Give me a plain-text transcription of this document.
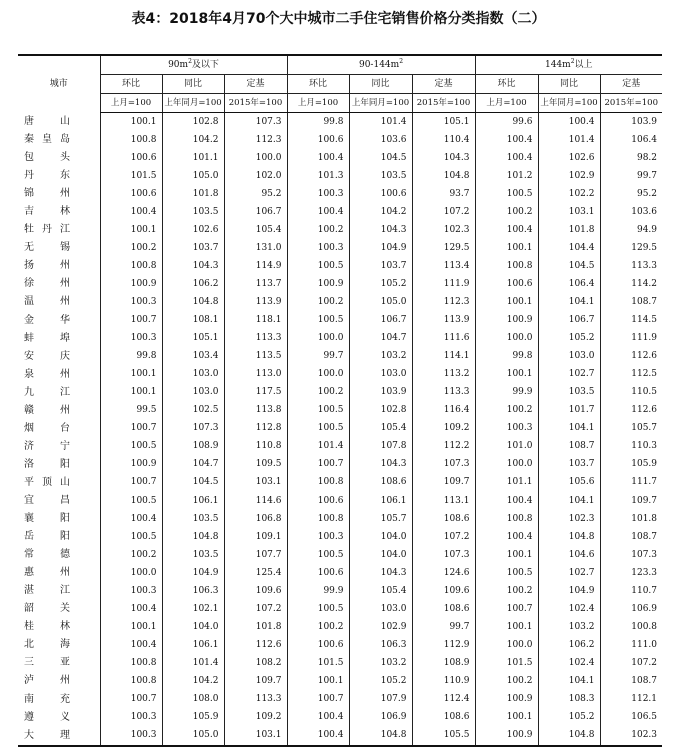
表4：2018年4月70个大中城市二手住宅销售价格分类指数（二）
城市	$90m^2$及以下			$90-144m^2$			$144m^2$以上		
	环比	同比	定基	环比	同比	定基	环比	同比	定基
	上月=100	上年同月=100	2015年=100	上月=100	上年同月=100	2015年=100	上月=100	上年同月=100	2015年=100

唐 山	100.1	102.8	107.3	99.8	101.4	105.1	99.6	100.4	103.9

秦 皇 岛	100.8	104.2	112.3	100.6	103.6	110.4	100.4	101.4	106.4

包 头	100.6	101.1	100.0	100.4	104.5	104.3	100.4	102.6	98.2

丹 东	101.5	105.0	102.0	101.3	103.5	104.8	101.2	102.9	99.7

锦 州	100.6	101.8	95.2	100.3	100.6	93.7	100.5	102.2	95.2

吉 林	100.4	103.5	106.7	100.4	104.2	107.2	100.2	103.1	103.6

牡 丹 江	100.1	102.6	105.4	100.2	104.3	102.3	100.4	101.8	94.9

无 锡	100.2	103.7	131.0	100.3	104.9	129.5	100.1	104.4	129.5

扬 州	100.8	104.3	114.9	100.5	103.7	113.4	100.8	104.5	113.3

徐 州	100.9	106.2	113.7	100.9	105.2	111.9	100.6	106.4	114.2

温 州	100.3	104.8	113.9	100.2	105.0	112.3	100.1	104.1	108.7

金 华	100.7	108.1	118.1	100.5	106.7	113.9	100.9	106.7	114.5

蚌 埠	100.3	105.1	113.3	100.0	104.7	111.6	100.0	105.2	111.9

安 庆	99.8	103.4	113.5	99.7	103.2	114.1	99.8	103.0	112.6

泉 州	100.1	103.0	113.0	100.0	103.0	113.2	100.1	102.7	112.5

九 江	100.1	103.0	117.5	100.2	103.9	113.3	99.9	103.5	110.5

赣 州	99.5	102.5	113.8	100.5	102.8	116.4	100.2	101.7	112.6

烟 台	100.7	107.3	112.8	100.5	105.4	109.2	100.3	104.1	105.7

济 宁	100.5	108.9	110.8	101.4	107.8	112.2	101.0	108.7	110.3

洛 阳	100.9	104.7	109.5	100.7	104.3	107.3	100.0	103.7	105.9

平 顶 山	100.7	104.5	103.1	100.8	108.6	109.7	101.1	105.6	111.7

宜 昌	100.5	106.1	114.6	100.6	106.1	113.1	100.4	104.1	109.7

襄 阳	100.4	103.5	106.8	100.8	105.7	108.6	100.8	102.3	101.8

岳 阳	100.5	104.8	109.1	100.3	104.0	107.2	100.4	104.8	108.7

常 德	100.2	103.5	107.7	100.5	104.0	107.3	100.1	104.6	107.3

惠 州	100.0	104.9	125.4	100.6	104.3	124.6	100.5	102.7	123.3

湛 江	100.3	106.3	109.6	99.9	105.4	109.6	100.2	104.9	110.7

韶 关	100.4	102.1	107.2	100.5	103.0	108.6	100.7	102.4	106.9

桂 林	100.1	104.0	101.8	100.2	102.9	99.7	100.1	103.2	100.8

北 海	100.4	106.1	112.6	100.6	106.3	112.9	100.0	106.2	111.0

三 亚	100.8	101.4	108.2	101.5	103.2	108.9	101.5	102.4	107.2

泸 州	100.8	104.2	109.7	100.1	105.2	110.9	100.2	104.1	108.7

南 充	100.7	108.0	113.3	100.7	107.9	112.4	100.9	108.3	112.1

遵 义	100.3	105.9	109.2	100.4	106.9	108.6	100.1	105.2	106.5

大 理	100.3	105.0	103.1	100.4	104.8	105.5	100.9	104.8	102.3
